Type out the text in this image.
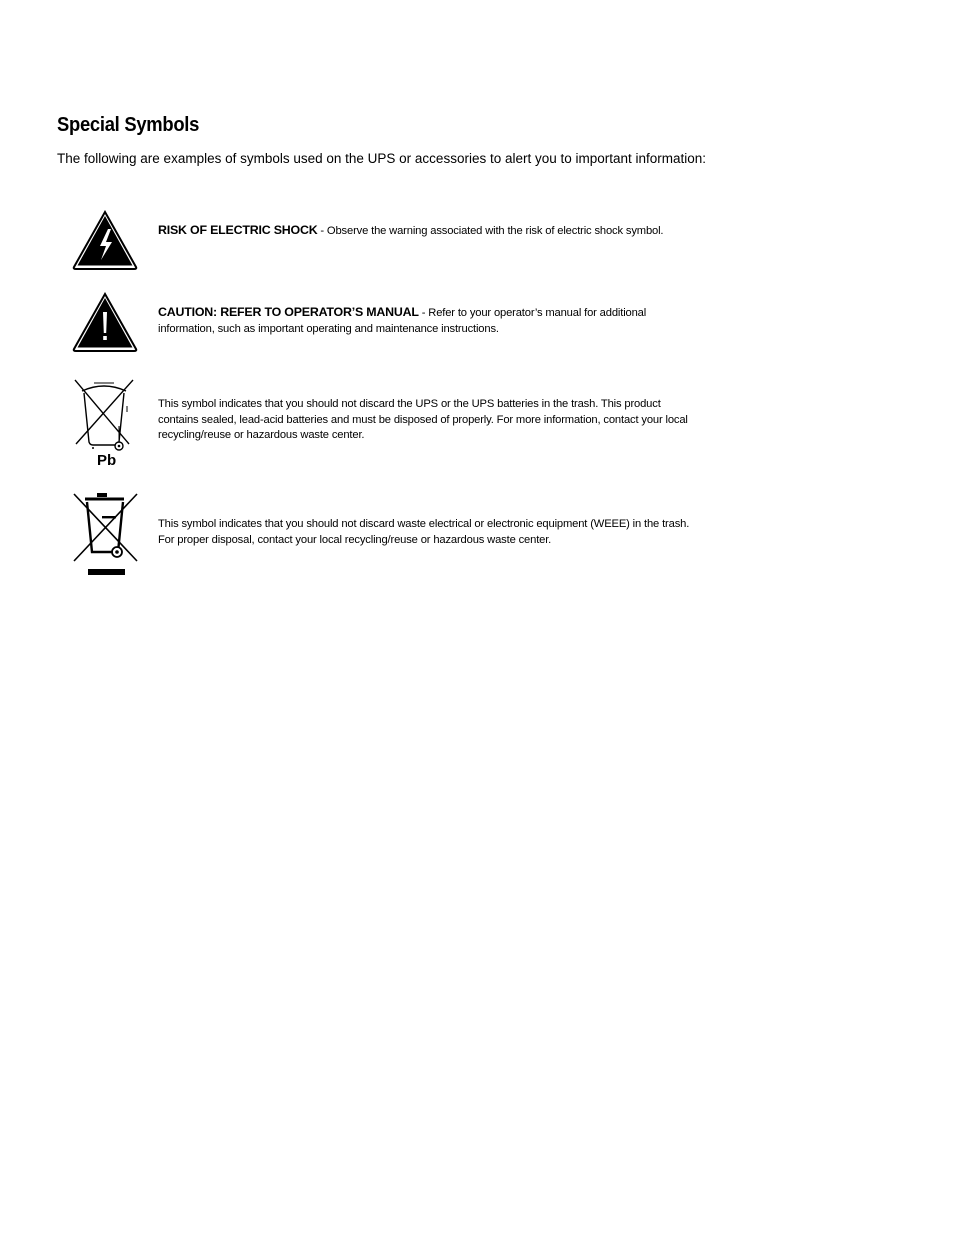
Special Symbols

The following are examples of symbols used on the UPS or accessories to alert you to important information:

RISK OF ELECTRIC SHOCK - Observe the warning associated with the risk of electric shock symbol.

CAUTION: REFER TO OPERATOR’S MANUAL - Refer to your operator’s manual for additional information, such as important operating and maintenance instructions.

Pb

This symbol indicates that you should not discard the UPS or the UPS batteries in the trash. This product contains sealed, lead-acid batteries and must be disposed of properly. For more information, contact your local recycling/reuse or hazardous waste center.

This symbol indicates that you should not discard waste electrical or electronic equipment (WEEE) in the trash. For proper disposal, contact your local recycling/reuse or hazardous waste center.
